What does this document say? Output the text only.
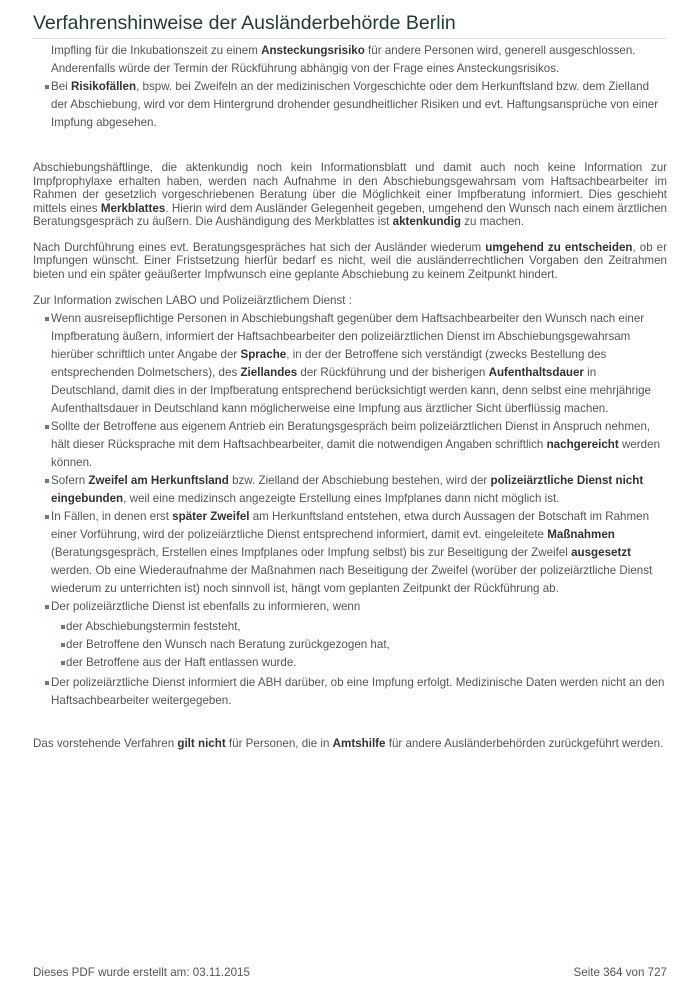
Verfahrenshinweise der Ausländerbehörde Berlin
Impfling für die Inkubationszeit zu einem Ansteckungsrisiko für andere Personen wird, generell ausgeschlossen. Anderenfalls würde der Termin der Rückführung abhängig von der Frage eines Ansteckungsrisikos.
Bei Risikofällen, bspw. bei Zweifeln an der medizinischen Vorgeschichte oder dem Herkunftsland bzw. dem Zielland der Abschiebung, wird vor dem Hintergrund drohender gesundheitlicher Risiken und evt. Haftungsansprüche von einer Impfung abgesehen.
Abschiebungshäftlinge, die aktenkundig noch kein Informationsblatt und damit auch noch keine Information zur Impfprophylaxe erhalten haben, werden nach Aufnahme in den Abschiebungsgewahrsam vom Haftsachbearbeiter im Rahmen der gesetzlich vorgeschriebenen Beratung über die Möglichkeit einer Impfberatung informiert. Dies geschieht mittels eines Merkblattes. Hierin wird dem Ausländer Gelegenheit gegeben, umgehend den Wunsch nach einem ärztlichen Beratungsgespräch zu äußern. Die Aushändigung des Merkblattes ist aktenkundig zu machen.
Nach Durchführung eines evt. Beratungsgespräches hat sich der Ausländer wiederum umgehend zu entscheiden, ob er Impfungen wünscht. Einer Fristsetzung hierfür bedarf es nicht, weil die ausländerrechtlichen Vorgaben den Zeitrahmen bieten und ein später geäußerter Impfwunsch eine geplante Abschiebung zu keinem Zeitpunkt hindert.
Zur Information zwischen LABO und Polizeiärztlichem Dienst :
Wenn ausreisepflichtige Personen in Abschiebungshaft gegenüber dem Haftsachbearbeiter den Wunsch nach einer Impfberatung äußern, informiert der Haftsachbearbeiter den polizeiärztlichen Dienst im Abschiebungsgewahrsam hierüber schriftlich unter Angabe der Sprache, in der der Betroffene sich verständigt (zwecks Bestellung des entsprechenden Dolmetschers), des Ziellandes der Rückführung und der bisherigen Aufenthaltsdauer in Deutschland, damit dies in der Impfberatung entsprechend berücksichtigt werden kann, denn selbst eine mehrjährige Aufenthaltsdauer in Deutschland kann möglicherweise eine Impfung aus ärztlicher Sicht überflüssig machen.
Sollte der Betroffene aus eigenem Antrieb ein Beratungsgespräch beim polizeiärztlichen Dienst in Anspruch nehmen, hält dieser Rücksprache mit dem Haftsachbearbeiter, damit die notwendigen Angaben schriftlich nachgereicht werden können.
Sofern Zweifel am Herkunftsland bzw. Zielland der Abschiebung bestehen, wird der polizeiärztliche Dienst nicht eingebunden, weil eine medizinsch angezeigte Erstellung eines Impfplanes dann nicht möglich ist.
In Fällen, in denen erst später Zweifel am Herkunftsland entstehen, etwa durch Aussagen der Botschaft im Rahmen einer Vorführung, wird der polizeiärztliche Dienst entsprechend informiert, damit evt. eingeleitete Maßnahmen (Beratungsgespräch, Erstellen eines Impfplanes oder Impfung selbst) bis zur Beseitigung der Zweifel ausgesetzt werden. Ob eine Wiederaufnahme der Maßnahmen nach Beseitigung der Zweifel (worüber der polizeiärztliche Dienst wiederum zu unterrichten ist) noch sinnvoll ist, hängt vom geplanten Zeitpunkt der Rückführung ab.
Der polizeiärztliche Dienst ist ebenfalls zu informieren, wenn
der Abschiebungstermin feststeht,
der Betroffene den Wunsch nach Beratung zurückgezogen hat,
der Betroffene aus der Haft entlassen wurde.
Der polizeiärztliche Dienst informiert die ABH darüber, ob eine Impfung erfolgt. Medizinische Daten werden nicht an den Haftsachbearbeiter weitergegeben.
Das vorstehende Verfahren gilt nicht für Personen, die in Amtshilfe für andere Ausländerbehörden zurückgeführt werden.
Dieses PDF wurde erstellt am: 03.11.2015	Seite 364 von 727
